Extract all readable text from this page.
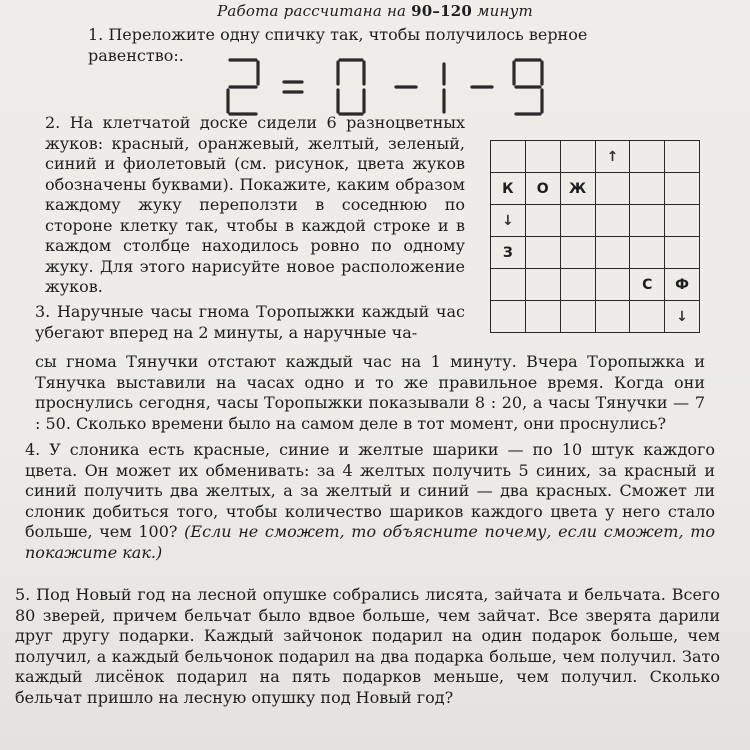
Работа рассчитана на 90–120 минут
1. Переложите одну спичку так, чтобы получилось верное равенство:.
2. На клетчатой доске сидели 6 разноцветных жуков: красный, оранжевый, желтый, зеленый, синий и фиолетовый (см. рисунок, цвета жуков обозначены буквами). Покажите, каким образом каждому жуку переползти в соседнюю по стороне клетку так, чтобы в каждой строке и в каждом столбце находилось ровно по одному жуку. Для этого нарисуйте новое расположение жуков.
			↑		
К	О	Ж			
↓					
З					
				С	Ф
					↓
3. Наручные часы гнома Торопыжки каждый час убегают вперед на 2 минуты, а наручные ча-
сы гнома Тянучки отстают каждый час на 1 минуту. Вчера Торопыжка и Тянучка выставили на часах одно и то же правильное время. Когда они проснулись сегодня, часы Торопыжки показывали 8 : 20, а часы Тянучки — 7 : 50. Сколько времени было на самом деле в тот момент, они проснулись?
4. У слоника есть красные, синие и желтые шарики — по 10 штук каждого цвета. Он может их обменивать: за 4 желтых получить 5 синих, за красный и синий получить два желтых, а за желтый и синий — два красных. Сможет ли слоник добиться того, чтобы количество шариков каждого цвета у него стало больше, чем 100? (Если не сможет, то объясните почему, если сможет, то покажите как.)
5. Под Новый год на лесной опушке собрались лисята, зайчата и бельчата. Всего 80 зверей, причем бельчат было вдвое больше, чем зайчат. Все зверята дарили друг другу подарки. Каждый зайчонок подарил на один подарок больше, чем получил, а каждый бельчонок подарил на два подарка больше, чем получил. Зато каждый лисёнок подарил на пять подарков меньше, чем получил. Сколько бельчат пришло на лесную опушку под Новый год?
